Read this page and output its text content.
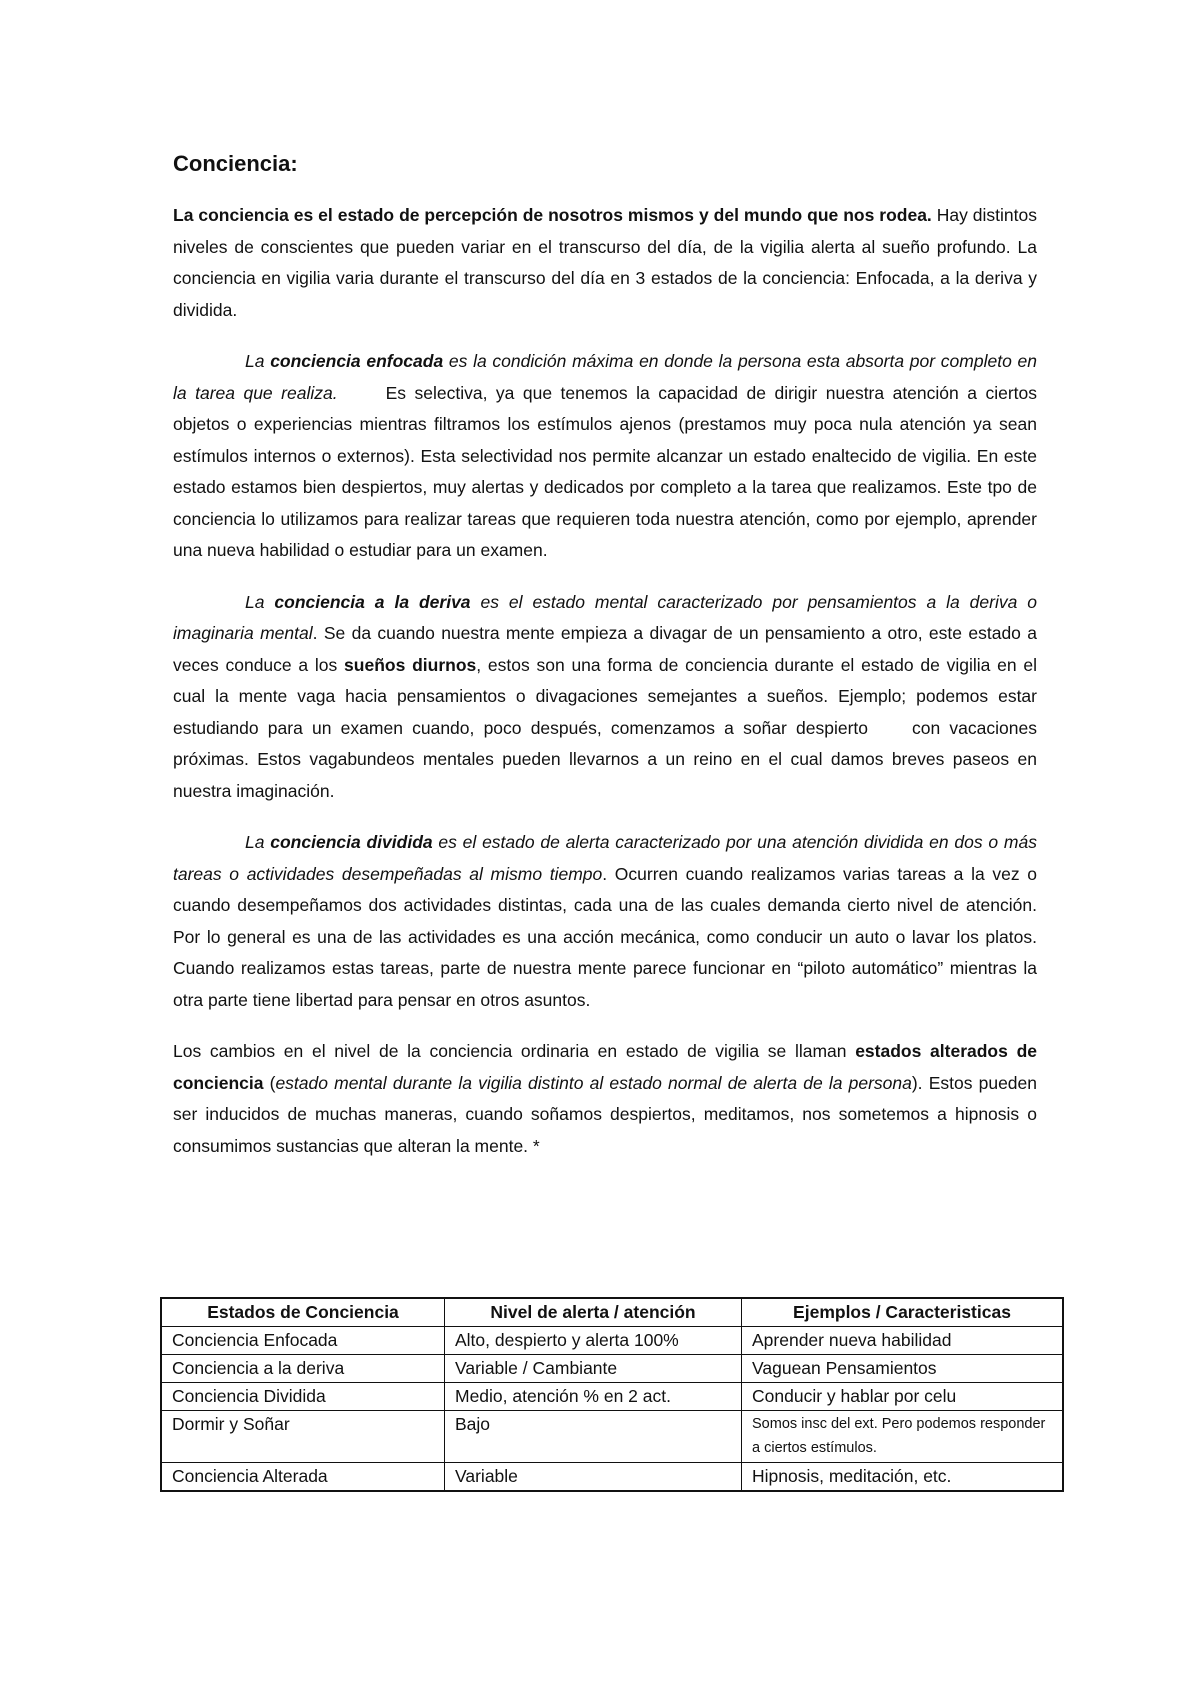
Conciencia:

La conciencia es el estado de percepción de nosotros mismos y del mundo que nos rodea. Hay distintos niveles de conscientes que pueden variar en el transcurso del día, de la vigilia alerta al sueño profundo. La conciencia en vigilia varia durante el transcurso del día en 3 estados de la conciencia: Enfocada, a la deriva y dividida.

La conciencia enfocada es la condición máxima en donde la persona esta absorta por completo en la tarea que realiza.	Es selectiva, ya que tenemos la capacidad de dirigir nuestra atención a ciertos objetos o experiencias mientras filtramos los estímulos ajenos (prestamos muy poca nula atención ya sean estímulos internos o externos). Esta selectividad nos permite alcanzar un estado enaltecido de vigilia. En este estado estamos bien despiertos, muy alertas y dedicados por completo a la tarea que realizamos. Este tpo de conciencia lo utilizamos para realizar tareas que requieren toda nuestra atención, como por ejemplo, aprender una nueva habilidad o estudiar para un examen.

La conciencia a la deriva es el estado mental caracterizado por pensamientos a la deriva o imaginaria mental. Se da cuando nuestra mente empieza a divagar de un pensamiento a otro, este estado a veces conduce a los sueños diurnos, estos son una forma de conciencia durante el estado de vigilia en el cual la mente vaga hacia pensamientos o divagaciones semejantes a sueños. Ejemplo; podemos estar estudiando para un examen cuando, poco después, comenzamos a soñar despierto	con vacaciones próximas. Estos vagabundeos mentales pueden llevarnos a un reino en el cual damos breves paseos en nuestra imaginación.

La conciencia dividida es el estado de alerta caracterizado por una atención dividida en dos o más tareas o actividades desempeñadas al mismo tiempo. Ocurren cuando realizamos varias tareas a la vez o cuando desempeñamos dos actividades distintas, cada una de las cuales demanda cierto nivel de atención. Por lo general es una de las actividades es una acción mecánica, como conducir un auto o lavar los platos. Cuando realizamos estas tareas, parte de nuestra mente parece funcionar en “piloto automático” mientras la otra parte tiene libertad para pensar en otros asuntos.

Los cambios en el nivel de la conciencia ordinaria en estado de vigilia se llaman estados alterados de conciencia (estado mental durante la vigilia distinto al estado normal de alerta de la persona). Estos pueden ser inducidos de muchas maneras, cuando soñamos despiertos, meditamos, nos sometemos a hipnosis o consumimos sustancias que alteran la mente. *

Estados de Conciencia	Nivel de alerta / atención	Ejemplos / Caracteristicas
Conciencia Enfocada	Alto, despierto y alerta 100%	Aprender nueva habilidad
Conciencia a la deriva	Variable / Cambiante	Vaguean Pensamientos
Conciencia Dividida	Medio, atención % en 2 act.	Conducir y hablar por celu
Dormir y Soñar	Bajo	Somos insc del ext. Pero podemos responder a ciertos estímulos.
Conciencia Alterada	Variable	Hipnosis, meditación, etc.
